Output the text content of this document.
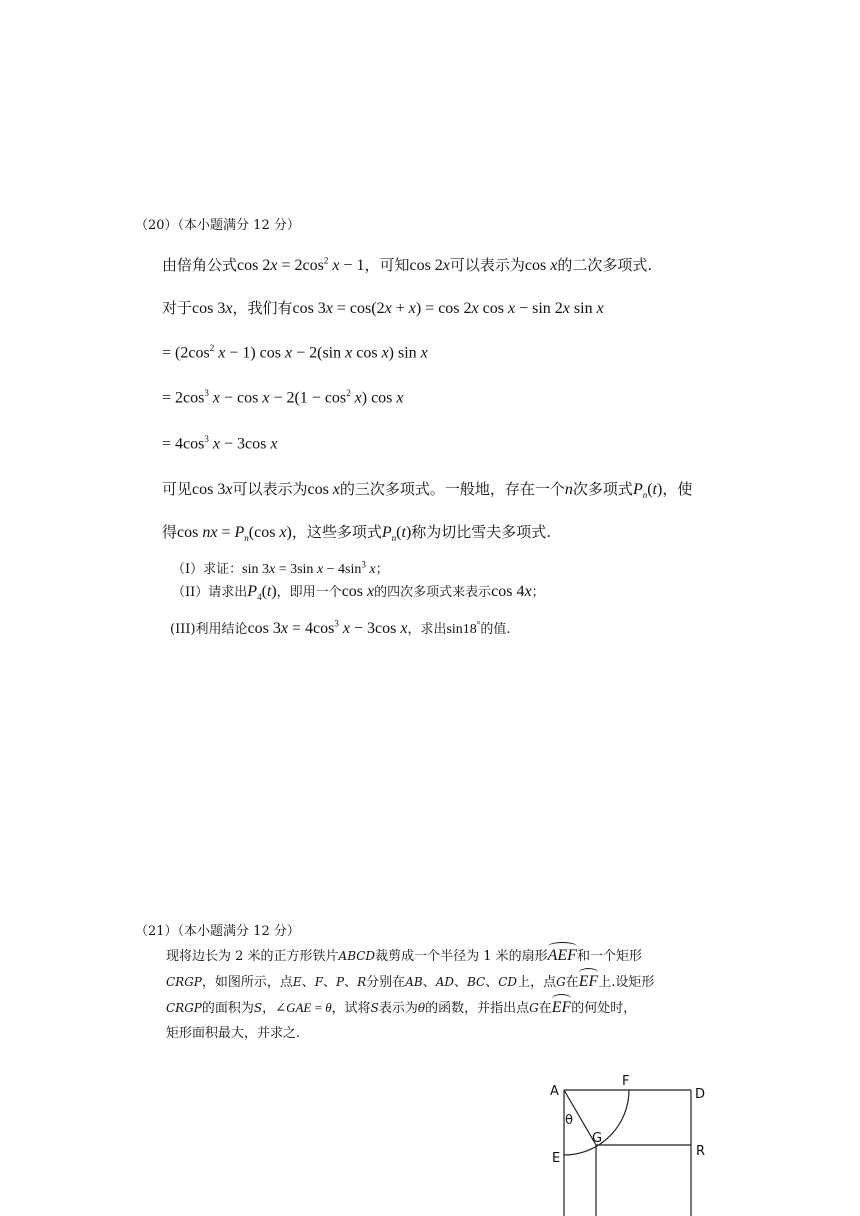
（20）（本小题满分 12 分）
由倍角公式$\cos 2x = 2\cos^2$ x − 1，可知cos 2x可以表示为cos x的二次多项式.
对于cos 3x，我们有cos 3x = cos(2x + x) = cos 2x cos x − sin 2x sin x
= ($2\cos^2$ x − 1) cos x − 2(sin x cos x) sin x
= $2\cos^3$ $x - \cos x - 2(1 - \cos^2 x)$ cos x
= $4\cos^3$ x − 3cos x
可见cos 3x可以表示为cos x的三次多项式。一般地，存在一个n次多项式$P_n(t)$，使
得cos nx = $P_n(\cos$ x)，这些多项式$P_n(t)$称为切比雪夫多项式.
（I）求证：sin 3x = 3sin $x - 4\sin^3$ x；
（II）请求出$P_4(t)$，即用一个cos x的四次多项式来表示cos 4x；
(III)利用结论$\cos 3x = 4\cos^3$ x − 3cos x，求出sin18°的值.
（21）（本小题满分 12 分）
现将边长为 2 米的正方形铁片ABCD裁剪成一个半径为 1 米的扇形AEF和一个矩形
CRGP，如图所示，点E、F、P、R分别在AB、AD、BC、CD上，点G在EF上.设矩形
CRGP的面积为S，∠GAE = θ，试将S表示为θ的函数，并指出点G在EF的何处时，
矩形面积最大，并求之.
A
F
D
θ
G
E	R
